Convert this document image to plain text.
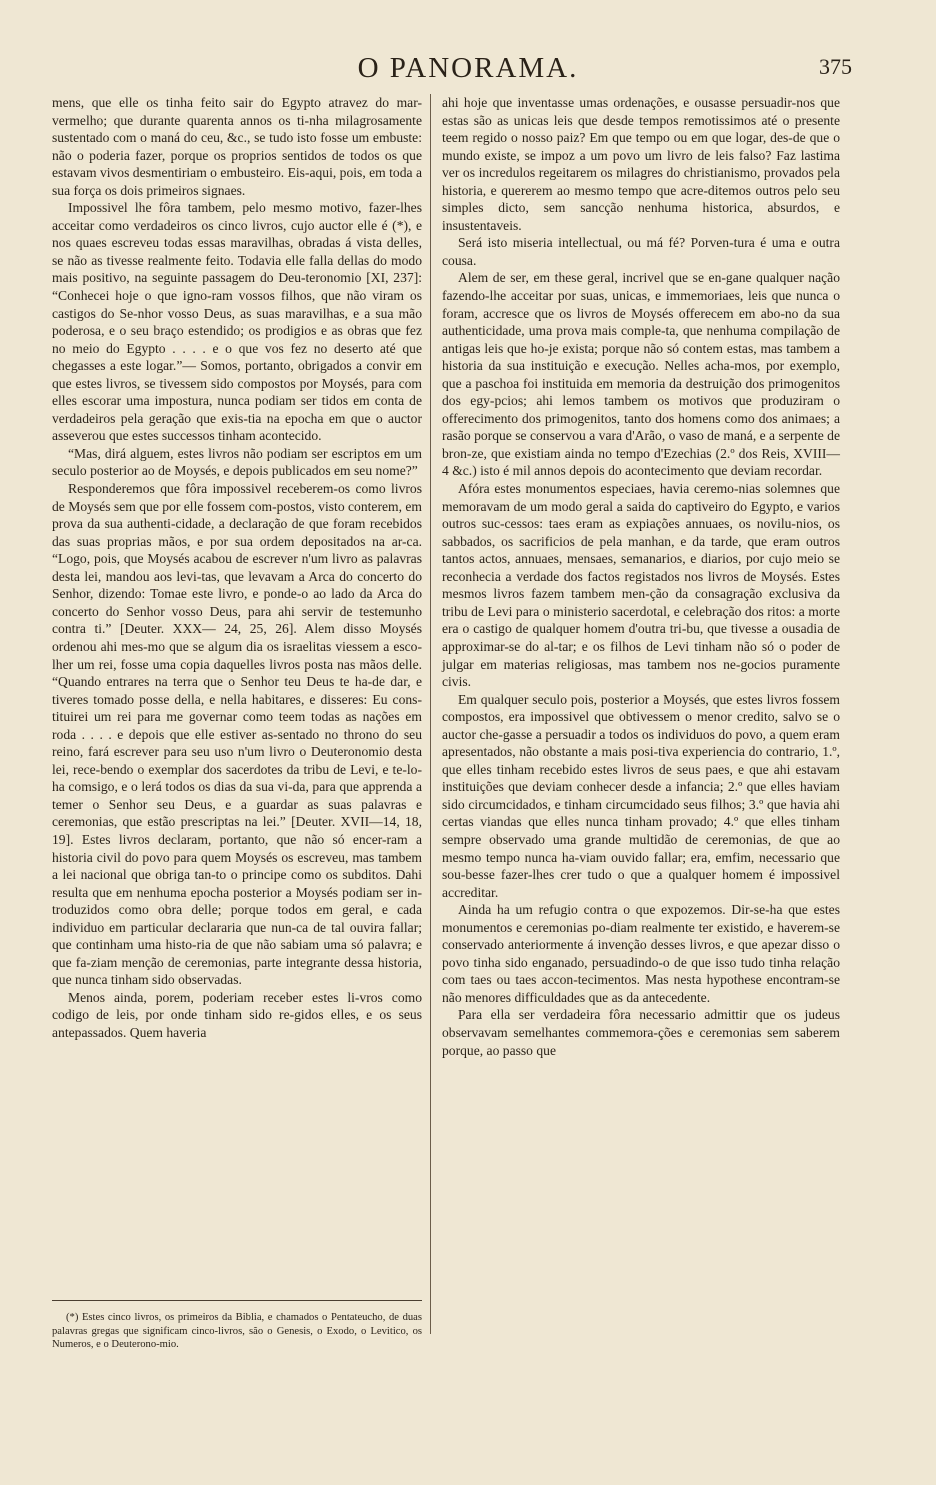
O PANORAMA.	375

mens, que elle os tinha feito sair do Egypto atravez do mar-vermelho; que durante quarenta annos os ti-nha milagrosamente sustentado com o maná do ceu, &c., se tudo isto fosse um embuste: não o poderia fazer, porque os proprios sentidos de todos os que estavam vivos desmentiriam o embusteiro. Eis-aqui, pois, em toda a sua força os dois primeiros signaes.

Impossivel lhe fôra tambem, pelo mesmo motivo, fazer-lhes acceitar como verdadeiros os cinco livros, cujo auctor elle é (*), e nos quaes escreveu todas essas maravilhas, obradas á vista delles, se não as tivesse realmente feito. Todavia elle falla dellas do modo mais positivo, na seguinte passagem do Deu-teronomio [XI, 237]: “Conhecei hoje o que igno-ram vossos filhos, que não viram os castigos do Se-nhor vosso Deus, as suas maravilhas, e a sua mão poderosa, e o seu braço estendido; os prodigios e as obras que fez no meio do Egypto . . . . e o que vos fez no deserto até que chegasses a este logar.”— Somos, portanto, obrigados a convir em que estes livros, se tivessem sido compostos por Moysés, para com elles escorar uma impostura, nunca podiam ser tidos em conta de verdadeiros pela geração que exis-tia na epocha em que o auctor asseverou que estes successos tinham acontecido.

“Mas, dirá alguem, estes livros não podiam ser escriptos em um seculo posterior ao de Moysés, e depois publicados em seu nome?”

Responderemos que fôra impossivel receberem-os como livros de Moysés sem que por elle fossem com-postos, visto conterem, em prova da sua authenti-cidade, a declaração de que foram recebidos das suas proprias mãos, e por sua ordem depositados na ar-ca. “Logo, pois, que Moysés acabou de escrever n'um livro as palavras desta lei, mandou aos levi-tas, que levavam a Arca do concerto do Senhor, dizendo: Tomae este livro, e ponde-o ao lado da Arca do concerto do Senhor vosso Deus, para ahi servir de testemunho contra ti.” [Deuter. XXX— 24, 25, 26]. Alem disso Moysés ordenou ahi mes-mo que se algum dia os israelitas viessem a esco-lher um rei, fosse uma copia daquelles livros posta nas mãos delle. “Quando entrares na terra que o Senhor teu Deus te ha-de dar, e tiveres tomado posse della, e nella habitares, e disseres: Eu cons-tituirei um rei para me governar como teem todas as nações em roda . . . . e depois que elle estiver as-sentado no throno do seu reino, fará escrever para seu uso n'um livro o Deuteronomio desta lei, rece-bendo o exemplar dos sacerdotes da tribu de Levi, e te-lo-ha comsigo, e o lerá todos os dias da sua vi-da, para que apprenda a temer o Senhor seu Deus, e a guardar as suas palavras e ceremonias, que estão prescriptas na lei.” [Deuter. XVII—14, 18, 19]. Estes livros declaram, portanto, que não só encer-ram a historia civil do povo para quem Moysés os escreveu, mas tambem a lei nacional que obriga tan-to o principe como os subditos. Dahi resulta que em nenhuma epocha posterior a Moysés podiam ser in-troduzidos como obra delle; porque todos em geral, e cada individuo em particular declararia que nun-ca de tal ouvira fallar; que continham uma histo-ria de que não sabiam uma só palavra; e que fa-ziam menção de ceremonias, parte integrante dessa historia, que nunca tinham sido observadas.

Menos ainda, porem, poderiam receber estes li-vros como codigo de leis, por onde tinham sido re-gidos elles, e os seus antepassados. Quem haveria

ahi hoje que inventasse umas ordenações, e ousasse persuadir-nos que estas são as unicas leis que desde tempos remotissimos até o presente teem regido o nosso paiz? Em que tempo ou em que logar, des-de que o mundo existe, se impoz a um povo um livro de leis falso? Faz lastima ver os incredulos regeitarem os milagres do christianismo, provados pela historia, e quererem ao mesmo tempo que acre-ditemos outros pelo seu simples dicto, sem sancção nenhuma historica, absurdos, e insustentaveis.

Será isto miseria intellectual, ou má fé? Porven-tura é uma e outra cousa.

Alem de ser, em these geral, incrivel que se en-gane qualquer nação fazendo-lhe acceitar por suas, unicas, e immemoriaes, leis que nunca o foram, accresce que os livros de Moysés offerecem em abo-no da sua authenticidade, uma prova mais comple-ta, que nenhuma compilação de antigas leis que ho-je exista; porque não só contem estas, mas tambem a historia da sua instituição e execução. Nelles acha-mos, por exemplo, que a paschoa foi instituida em memoria da destruição dos primogenitos dos egy-pcios; ahi lemos tambem os motivos que produziram o offerecimento dos primogenitos, tanto dos homens como dos animaes; a rasão porque se conservou a vara d'Arão, o vaso de maná, e a serpente de bron-ze, que existiam ainda no tempo d'Ezechias (2.º dos Reis, XVIII—4 &c.) isto é mil annos depois do acontecimento que deviam recordar.

Afóra estes monumentos especiaes, havia ceremo-nias solemnes que memoravam de um modo geral a saida do captiveiro do Egypto, e varios outros suc-cessos: taes eram as expiações annuaes, os novilu-nios, os sabbados, os sacrificios de pela manhan, e da tarde, que eram outros tantos actos, annuaes, mensaes, semanarios, e diarios, por cujo meio se reconhecia a verdade dos factos registados nos livros de Moysés. Estes mesmos livros fazem tambem men-ção da consagração exclusiva da tribu de Levi para o ministerio sacerdotal, e celebração dos ritos: a morte era o castigo de qualquer homem d'outra tri-bu, que tivesse a ousadia de approximar-se do al-tar; e os filhos de Levi tinham não só o poder de julgar em materias religiosas, mas tambem nos ne-gocios puramente civis.

Em qualquer seculo pois, posterior a Moysés, que estes livros fossem compostos, era impossivel que obtivessem o menor credito, salvo se o auctor che-gasse a persuadir a todos os individuos do povo, a quem eram apresentados, não obstante a mais posi-tiva experiencia do contrario, 1.º, que elles tinham recebido estes livros de seus paes, e que ahi estavam instituições que deviam conhecer desde a infancia; 2.º que elles haviam sido circumcidados, e tinham circumcidado seus filhos; 3.º que havia ahi certas viandas que elles nunca tinham provado; 4.º que elles tinham sempre observado uma grande multidão de ceremonias, de que ao mesmo tempo nunca ha-viam ouvido fallar; era, emfim, necessario que sou-besse fazer-lhes crer tudo o que a qualquer homem é impossivel accreditar.

Ainda ha um refugio contra o que expozemos. Dir-se-ha que estes monumentos e ceremonias po-diam realmente ter existido, e haverem-se conservado anteriormente á invenção desses livros, e que apezar disso o povo tinha sido enganado, persuadindo-o de que isso tudo tinha relação com taes ou taes accon-tecimentos. Mas nesta hypothese encontram-se não menores difficuldades que as da antecedente.

Para ella ser verdadeira fôra necessario admittir que os judeus observavam semelhantes commemora-ções e ceremonias sem saberem porque, ao passo que

(*) Estes cinco livros, os primeiros da Biblia, e chamados o Pentateucho, de duas palavras gregas que significam cinco-livros, são o Genesis, o Exodo, o Levitico, os Numeros, e o Deuterono-mio.
